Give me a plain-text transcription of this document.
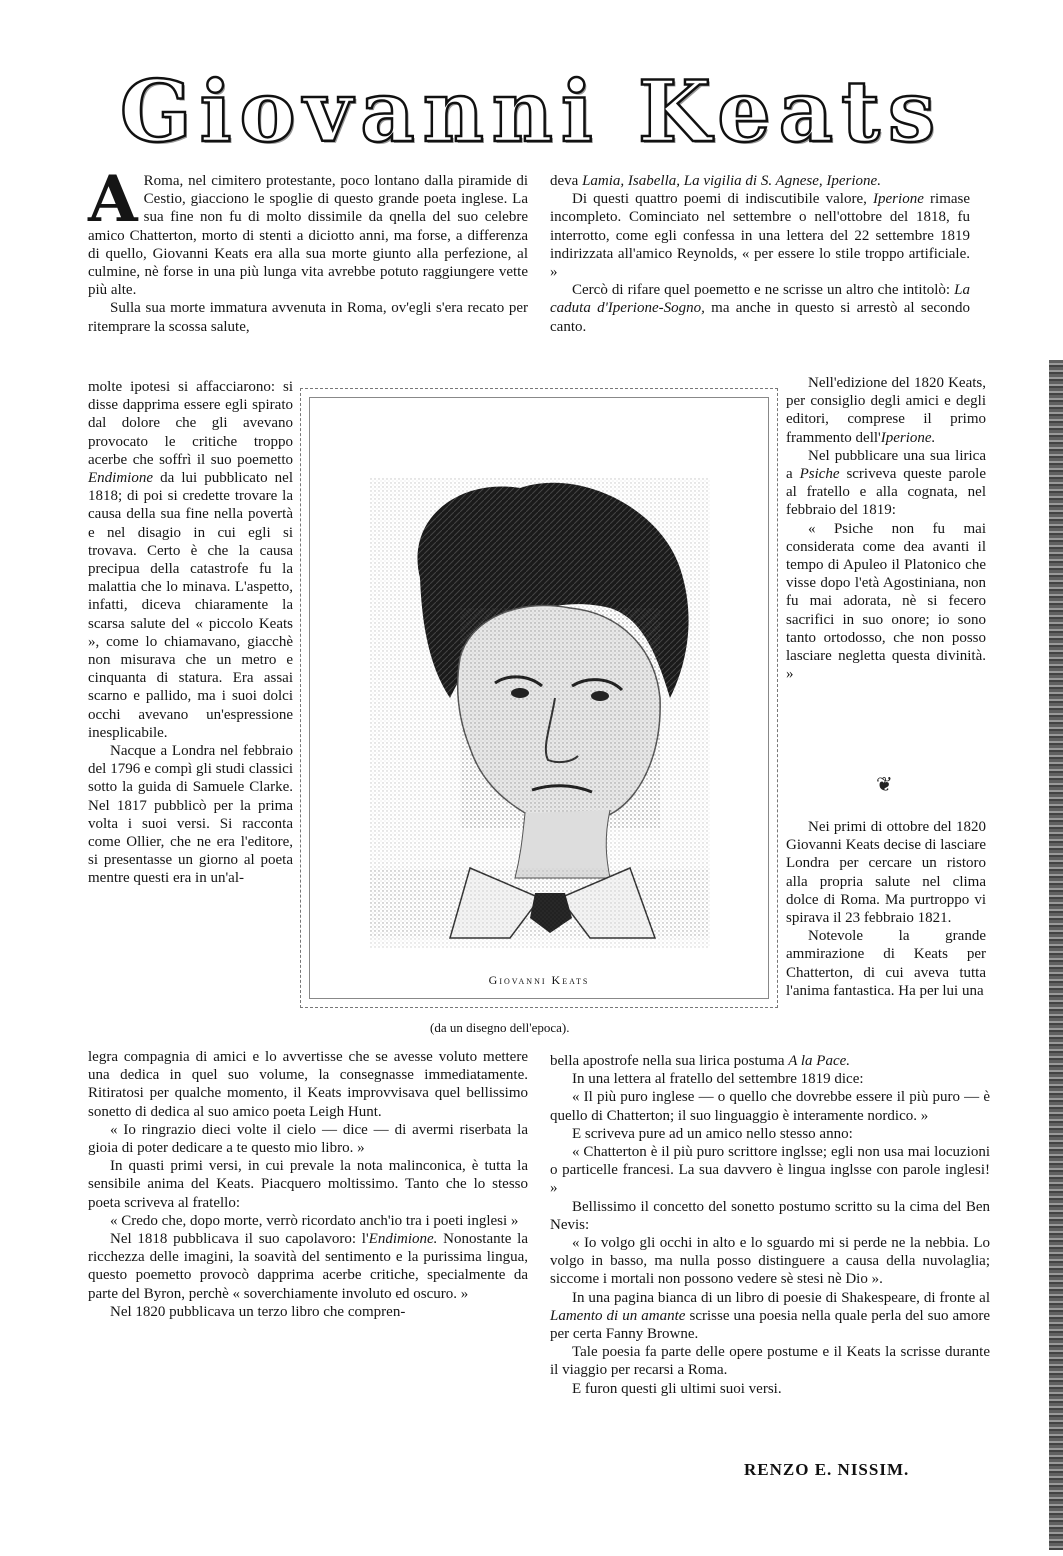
Giovanni Keats

A Roma, nel cimitero protestante, poco lontano dalla piramide di Cestio, giacciono le spoglie di questo grande poeta inglese. La sua fine non fu di molto dissimile da qnella del suo celebre amico Chatterton, morto di stenti a diciotto anni, ma forse, a differenza di quello, Giovanni Keats era alla sua morte giunto alla perfezione, al culmine, nè forse in una più lunga vita avrebbe potuto raggiungere vette più alte.

Sulla sua morte immatura avvenuta in Roma, ov'egli s'era recato per ritemprare la scossa salute,

molte ipotesi si affacciarono: si disse dapprima essere egli spirato dal dolore che gli avevano provocato le critiche troppo acerbe che soffrì il suo poemetto Endimione da lui pubblicato nel 1818; di poi si credette trovare la causa della sua fine nella povertà e nel disagio in cui egli si trovava. Certo è che la causa precipua della catastrofe fu la malattia che lo minava. L'aspetto, infatti, diceva chiaramente la scarsa salute del « piccolo Keats », come lo chiamavano, giacchè non misurava che un metro e cinquanta di statura. Era assai scarno e pallido, ma i suoi dolci occhi avevano un'espressione inesplicabile.

Nacque a Londra nel febbraio del 1796 e compì gli studi classici sotto la guida di Samuele Clarke. Nel 1817 pubblicò per la prima volta i suoi versi. Si racconta come Ollier, che ne era l'editore, si presentasse un giorno al poeta mentre questi era in un'al-

Giovanni Keats
(da un disegno dell'epoca).

legra compagnia di amici e lo avvertisse che se avesse voluto mettere una dedica in quel suo volume, la consegnasse immediatamente. Ritiratosi per qualche momento, il Keats improvvisava quel bellissimo sonetto di dedica al suo amico poeta Leigh Hunt.

« Io ringrazio dieci volte il cielo — dice — di avermi riserbata la gioia di poter dedicare a te questo mio libro. »

In quasti primi versi, in cui prevale la nota malinconica, è tutta la sensibile anima del Keats. Piacquero moltissimo. Tanto che lo stesso poeta scriveva al fratello:

« Credo che, dopo morte, verrò ricordato anch'io tra i poeti inglesi »

Nel 1818 pubblicava il suo capolavoro: l'Endimione. Nonostante la ricchezza delle imagini, la soavità del sentimento e la purissima lingua, questo poemetto provocò dapprima acerbe critiche, specialmente da parte del Byron, perchè « soverchiamente involuto ed oscuro. »

Nel 1820 pubblicava un terzo libro che compren-

deva Lamia, Isabella, La vigilia di S. Agnese, Iperione.

Di questi quattro poemi di indiscutibile valore, Iperione rimase incompleto. Cominciato nel settembre o nell'ottobre del 1818, fu interrotto, come egli confessa in una lettera del 22 settembre 1819 indirizzata all'amico Reynolds, « per essere lo stile troppo artificiale. »

Cercò di rifare quel poemetto e ne scrisse un altro che intitolò: La caduta d'Iperione-Sogno, ma anche in questo si arrestò al secondo canto.

Nell'edizione del 1820 Keats, per consiglio degli amici e degli editori, comprese il primo frammento dell'Iperione.

Nel pubblicare una sua lirica a Psiche scriveva queste parole al fratello e alla cognata, nel febbraio del 1819:

« Psiche non fu mai considerata come dea avanti il tempo di Apuleo il Platonico che visse dopo l'età Agostiniana, non fu mai adorata, nè si fecero sacrifici in suo onore; io sono tanto ortodosso, che non posso lasciare negletta questa divinità. »

❦

Nei primi di ottobre del 1820 Giovanni Keats decise di lasciare Londra per cercare un ristoro alla propria salute nel clima dolce di Roma. Ma purtroppo vi spirava il 23 febbraio 1821.

Notevole la grande ammirazione di Keats per Chatterton, di cui aveva tutta l'anima fantastica. Ha per lui una

bella apostrofe nella sua lirica postuma A la Pace.

In una lettera al fratello del settembre 1819 dice:

« Il più puro inglese — o quello che dovrebbe essere il più puro — è quello di Chatterton; il suo linguaggio è interamente nordico. »

E scriveva pure ad un amico nello stesso anno:

« Chatterton è il più puro scrittore inglsse; egli non usa mai locuzioni o particelle francesi. La sua davvero è lingua inglsse con parole inglesi! »

Bellissimo il concetto del sonetto postumo scritto su la cima del Ben Nevis:

« Io volgo gli occhi in alto e lo sguardo mi si perde ne la nebbia. Lo volgo in basso, ma nulla posso distinguere a causa della nuvolaglia; siccome i mortali non possono vedere sè stesi nè Dio ».

In una pagina bianca di un libro di poesie di Shakespeare, di fronte al Lamento di un amante scrisse una poesia nella quale perla del suo amore per certa Fanny Browne.

Tale poesia fa parte delle opere postume e il Keats la scrisse durante il viaggio per recarsi a Roma.

E furon questi gli ultimi suoi versi.

RENZO E. NISSIM.
